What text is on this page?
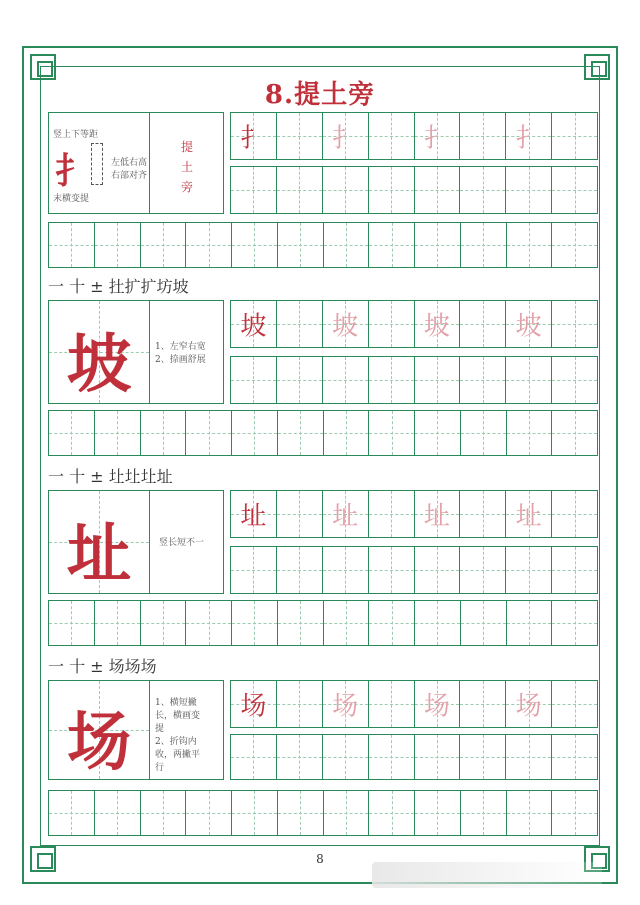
8.提土旁
竖上下等距
扌 左低右高 右部对齐
末横变提
提
土
旁
扌	扌	扌	扌
一 十 ± 扗扩扩坊坡
坡	1、左窄右宽
2、捺画舒展
坡	坡	坡	坡
一 十 ± 圵圵圵址
址	竖长短不一
址	址	址	址
一 十 ± 场场场
场
1、横短撇
长，横画变
提
2、折钩内
收，两撇平
行
场	场	场	场
8
